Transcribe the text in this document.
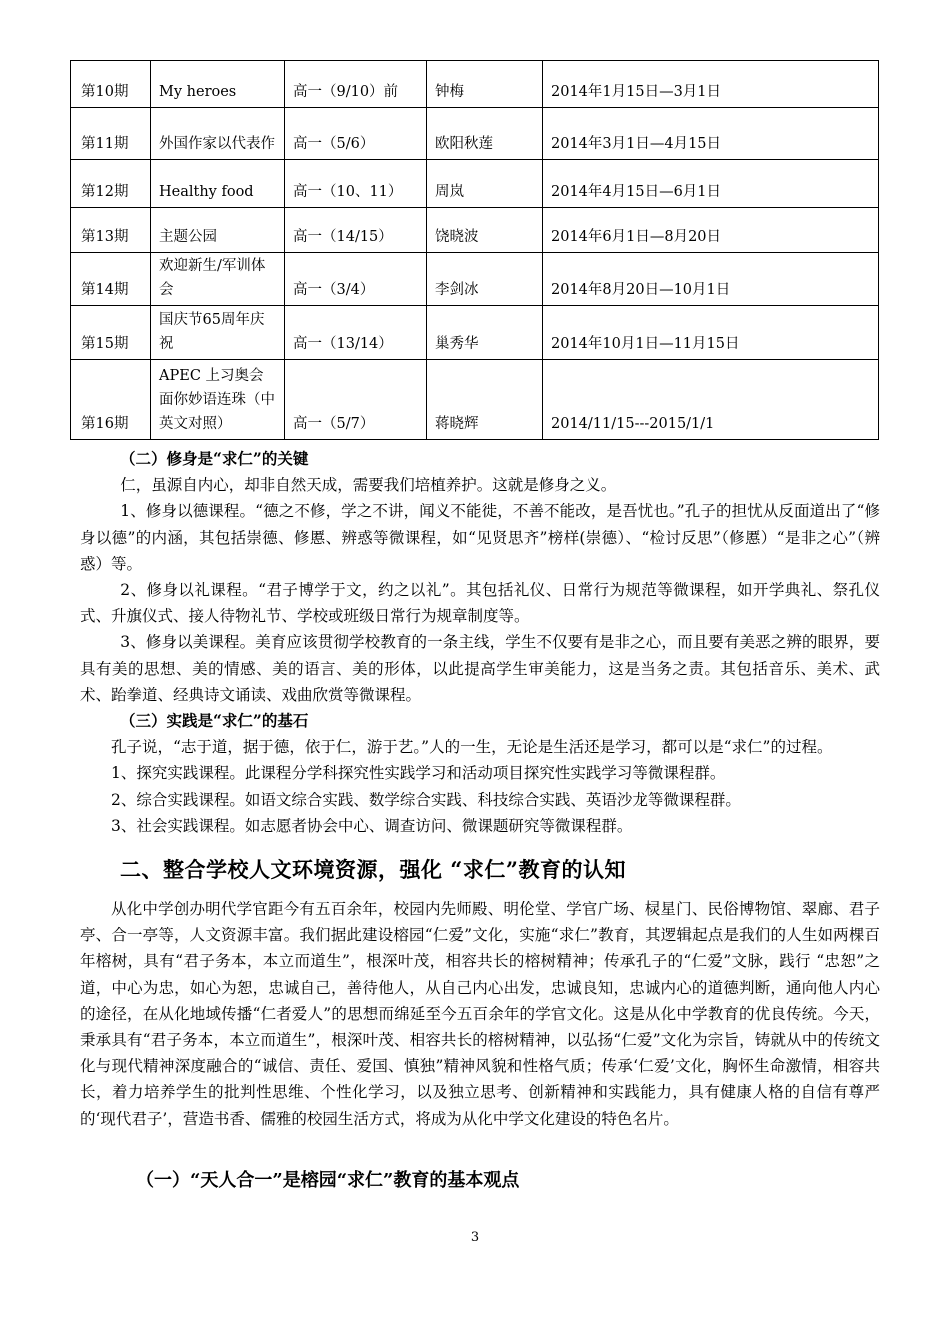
第10期	My heroes	高一（9/10）前	钟梅	2014年1月15日—3月1日
第11期	外国作家以代表作	高一（5/6）	欧阳秋莲	2014年3月1日—4月15日
第12期	Healthy food	高一（10、11）	周岚	2014年4月15日—6月1日
第13期	主题公园	高一（14/15）	饶晓波	2014年6月1日—8月20日
第14期	欢迎新生/军训体会	高一（3/4）	李剑冰	2014年8月20日—10月1日
第15期	国庆节65周年庆祝	高一（13/14）	巢秀华	2014年10月1日—11月15日
第16期	APEC 上习奥会面你妙语连珠（中英文对照）	高一（5/7）	蒋晓辉	2014/11/15---2015/1/1

（二）修身是“求仁”的关键

仁，虽源自内心，却非自然天成，需要我们培植养护。这就是修身之义。

1、修身以德课程。“德之不修，学之不讲，闻义不能徙，不善不能改，是吾忧也。”孔子的担忧从反面道出了“修身以德”的内涵，其包括崇德、修慝、辨惑等微课程，如“见贤思齐”榜样(崇德）、“检讨反思”（修慝）“是非之心”（辨惑）等。

2、修身以礼课程。“君子博学于文，约之以礼”。其包括礼仪、日常行为规范等微课程，如开学典礼、祭孔仪式、升旗仪式、接人待物礼节、学校或班级日常行为规章制度等。

3、修身以美课程。美育应该贯彻学校教育的一条主线，学生不仅要有是非之心，而且要有美恶之辨的眼界，要具有美的思想、美的情感、美的语言、美的形体，以此提高学生审美能力，这是当务之责。其包括音乐、美术、武术、跆拳道、经典诗文诵读、戏曲欣赏等微课程。

（三）实践是“求仁”的基石

孔子说，“志于道，据于德，依于仁，游于艺。”人的一生，无论是生活还是学习，都可以是“求仁”的过程。

1、探究实践课程。此课程分学科探究性实践学习和活动项目探究性实践学习等微课程群。

2、综合实践课程。如语文综合实践、数学综合实践、科技综合实践、英语沙龙等微课程群。

3、社会实践课程。如志愿者协会中心、调查访问、微课题研究等微课程群。

二、整合学校人文环境资源，强化 “求仁”教育的认知

从化中学创办明代学官距今有五百余年，校园内先师殿、明伦堂、学官广场、棂星门、民俗博物馆、翠廊、君子亭、合一亭等，人文资源丰富。我们据此建设榕园“仁爱”文化，实施“求仁”教育，其逻辑起点是我们的人生如两棵百年榕树，具有“君子务本，本立而道生”，根深叶茂，相容共长的榕树精神；传承孔子的“仁爱”文脉，践行 “忠恕”之道，中心为忠，如心为恕，忠诚自己，善待他人，从自己内心出发，忠诚良知，忠诚内心的道德判断，通向他人内心的途径，在从化地域传播“仁者爱人”的思想而绵延至今五百余年的学官文化。这是从化中学教育的优良传统。今天，秉承具有“君子务本，本立而道生”，根深叶茂、相容共长的榕树精神，以弘扬“仁爱”文化为宗旨，铸就从中的传统文化与现代精神深度融合的“诚信、责任、爱国、慎独”精神风貌和性格气质；传承‘仁爱’文化，胸怀生命激情，相容共长，着力培养学生的批判性思维、个性化学习，以及独立思考、创新精神和实践能力，具有健康人格的自信有尊严的‘现代君子’，营造书香、儒雅的校园生活方式，将成为从化中学文化建设的特色名片。

（一）“天人合一”是榕园“求仁”教育的基本观点
3
